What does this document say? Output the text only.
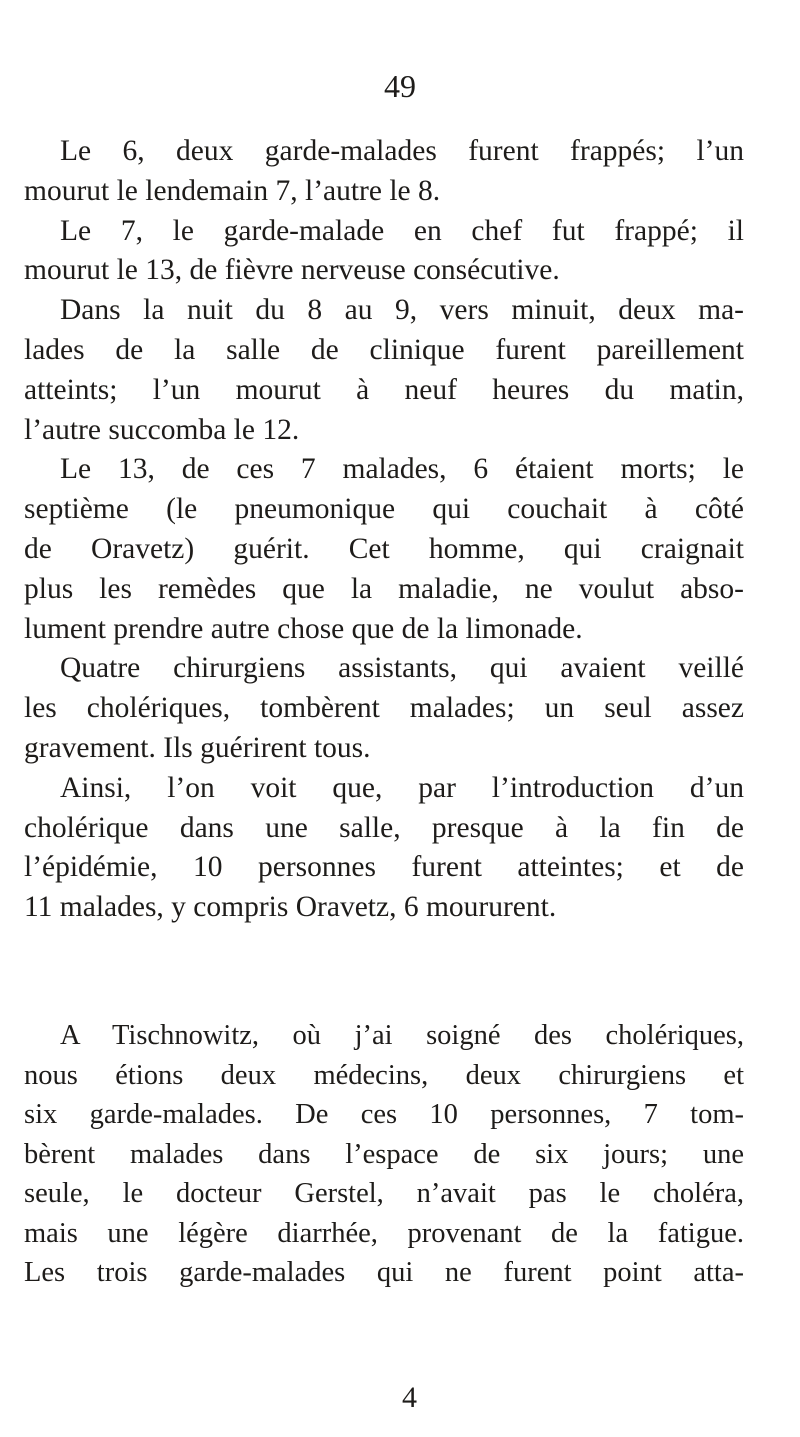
49
Le 6, deux garde-malades furent frappés; l’un
mourut le lendemain 7, l’autre le 8.
Le 7, le garde-malade en chef fut frappé; il
mourut le 13, de fièvre nerveuse consécutive.
Dans la nuit du 8 au 9, vers minuit, deux ma-
lades de la salle de clinique furent pareillement
atteints; l’un mourut à neuf heures du matin,
l’autre succomba le 12.
Le 13, de ces 7 malades, 6 étaient morts; le
septième (le pneumonique qui couchait à côté
de Oravetz) guérit. Cet homme, qui craignait
plus les remèdes que la maladie, ne voulut abso-
lument prendre autre chose que de la limonade.
Quatre chirurgiens assistants, qui avaient veillé
les cholériques, tombèrent malades; un seul assez
gravement. Ils guérirent tous.
Ainsi, l’on voit que, par l’introduction d’un
cholérique dans une salle, presque à la fin de
l’épidémie, 10 personnes furent atteintes; et de
11 malades, y compris Oravetz, 6 moururent.
A Tischnowitz, où j’ai soigné des cholériques,
nous étions deux médecins, deux chirurgiens et
six garde-malades. De ces 10 personnes, 7 tom-
bèrent malades dans l’espace de six jours; une
seule, le docteur Gerstel, n’avait pas le choléra,
mais une légère diarrhée, provenant de la fatigue.
Les trois garde-malades qui ne furent point atta-
4
